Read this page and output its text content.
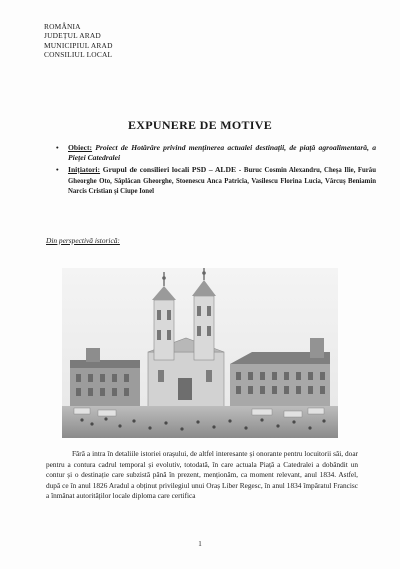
ROMÂNIA
JUDEȚUL ARAD
MUNICIPIUL ARAD
CONSILIUL LOCAL
EXPUNERE DE MOTIVE
• Obiect: Proiect de Hotărâre privind menținerea actualei destinații, de piață agroalimentară, a Pieței Catedralei
• Inițiatori: Grupul de consilieri locali PSD – ALDE - Buruc Cosmin Alexandru, Cheșa Ilie, Furău Gheorghe Oto, Săplăcan Gheorghe, Stoenescu Anca Patricia, Vasilescu Florina Lucia, Vărcuș Beniamin Narcis Cristian și Ciupe Ionel
Din perspectivă istorică:

Fără a intra în detaliile istoriei orașului, de altfel interesante și onorante pentru locuitorii săi, doar pentru a contura cadrul temporal și evolutiv, totodată, în care actuala Piață a Catedralei a dobândit un contur și o destinație care subzistă până în prezent, menționăm, ca moment relevant, anul 1834. Astfel, după ce în anul 1826 Aradul a obținut privilegiul unui Oraș Liber Regesc, în anul 1834 împăratul Francisc a înmânat autorităților locale diploma care certifica

1
